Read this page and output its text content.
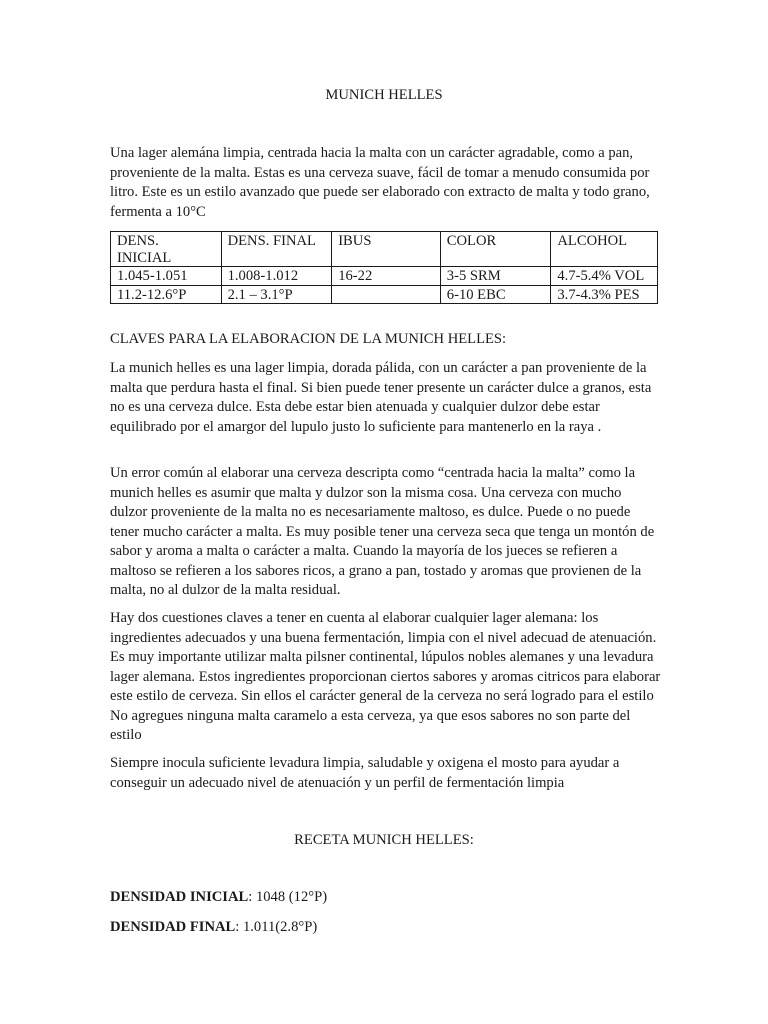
MUNICH HELLES

Una lager alemána limpia, centrada hacia la malta con un carácter agradable, como a pan, proveniente de la malta. Estas es una cerveza suave, fácil de tomar a menudo consumida por litro. Este es un estilo avanzado que puede ser elaborado con extracto de malta y todo grano, fermenta a 10°C

DENS. INICIAL	DENS. FINAL	IBUS	COLOR	ALCOHOL
1.045-1.051	1.008-1.012	16-22	3-5 SRM	4.7-5.4% VOL
11.2-12.6°P	2.1 – 3.1°P		6-10 EBC	3.7-4.3% PES
CLAVES PARA LA ELABORACION DE LA MUNICH HELLES:

La munich helles es una lager limpia, dorada pálida, con un carácter a pan proveniente de la malta que perdura hasta el final. Si bien puede tener presente un carácter dulce a granos, esta no es una cerveza dulce. Esta debe estar bien atenuada y cualquier dulzor debe estar equilibrado por el amargor del lupulo justo lo suficiente para mantenerlo en la raya .

Un error común al elaborar una cerveza descripta como “centrada hacia la malta” como la munich helles es asumir que malta y dulzor son la misma cosa. Una cerveza con mucho dulzor proveniente de la malta no es necesariamente maltoso, es dulce. Puede o no puede tener mucho carácter a malta. Es muy posible tener una cerveza seca que tenga un montón de sabor y aroma a malta o carácter a malta. Cuando la mayoría de los jueces se refieren a maltoso se refieren a los sabores ricos, a grano a pan, tostado y aromas que provienen de la malta, no al dulzor de la malta residual.

Hay dos cuestiones claves a tener en cuenta al elaborar cualquier lager alemana: los ingredientes adecuados y una buena fermentación, limpia con el nivel adecuad de atenuación. Es muy importante utilizar malta pilsner continental, lúpulos nobles alemanes y una levadura lager alemana. Estos ingredientes proporcionan ciertos sabores y aromas citricos para elaborar este estilo de cerveza. Sin ellos el carácter general de la cerveza no será logrado para el estilo No agregues ninguna malta caramelo a esta cerveza, ya que esos sabores no son parte del estilo

Siempre inocula suficiente levadura limpia, saludable y oxigena el mosto para ayudar a conseguir un adecuado nivel de atenuación y un perfil de fermentación limpia

RECETA MUNICH HELLES:
DENSIDAD INICIAL: 1048 (12°P)
DENSIDAD FINAL: 1.011(2.8°P)
